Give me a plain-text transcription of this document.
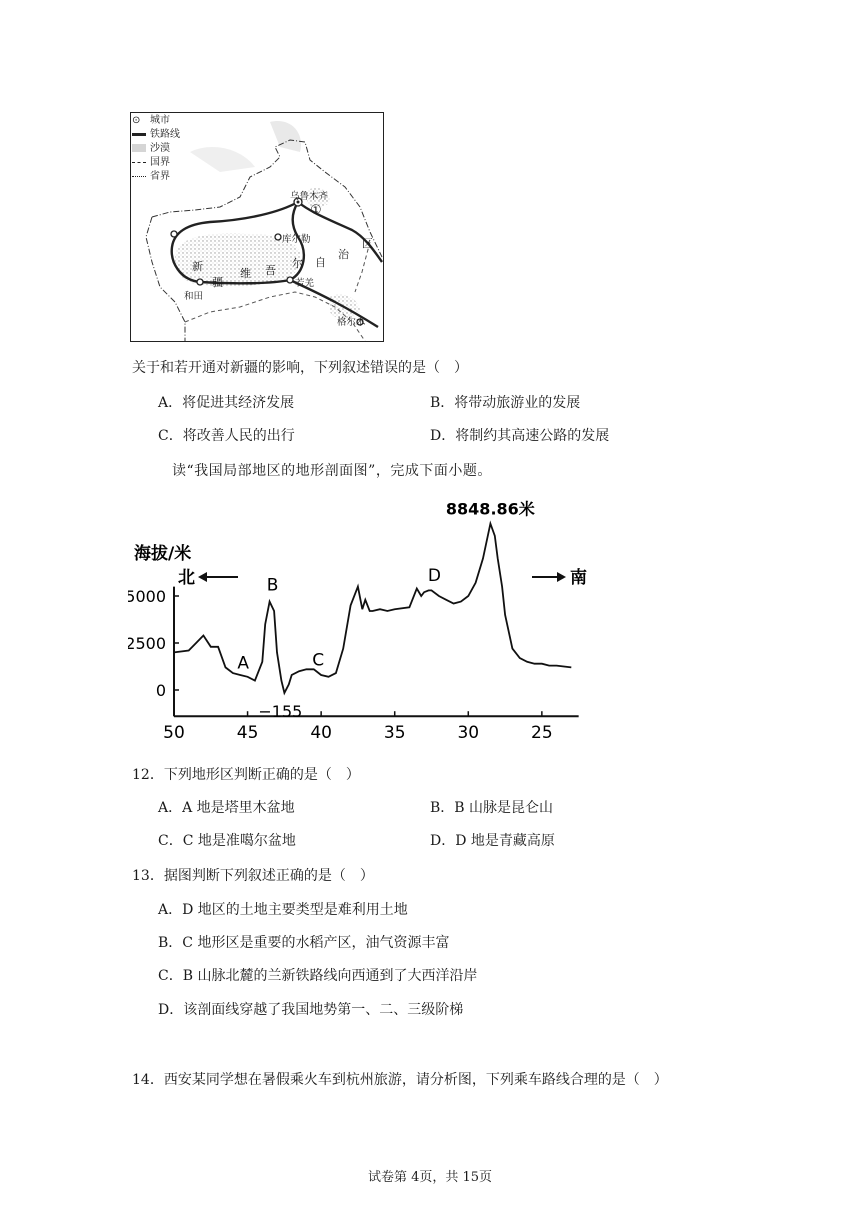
⊙ 城市
铁路线
沙漠
国界
省界
乌鲁木齐
库尔勒
和田
若羌
格尔木
①
新
疆
维 吾
尔 自
治
区
关于和若开通对新疆的影响，下列叙述错误的是（　）
A．将促进其经济发展	B．将带动旅游业的发展
C．将改善人民的出行	D．将制约其高速公路的发展
读“我国局部地区的地形剖面图”，完成下面小题。
5000
2500
0
50	45	40	35	30	25
海拔/米
北	南
8848.86米
−155
A
B
C
D
12．下列地形区判断正确的是（　）
A．A 地是塔里木盆地	B．B 山脉是昆仑山
C．C 地是准噶尔盆地	D．D 地是青藏高原
13．据图判断下列叙述正确的是（　）
A．D 地区的土地主要类型是难利用土地
B．C 地形区是重要的水稻产区，油气资源丰富
C．B 山脉北麓的兰新铁路线向西通到了大西洋沿岸
D．该剖面线穿越了我国地势第一、二、三级阶梯
14．西安某同学想在暑假乘火车到杭州旅游，请分析图，下列乘车路线合理的是（　）
试卷第 4页，共 15页
